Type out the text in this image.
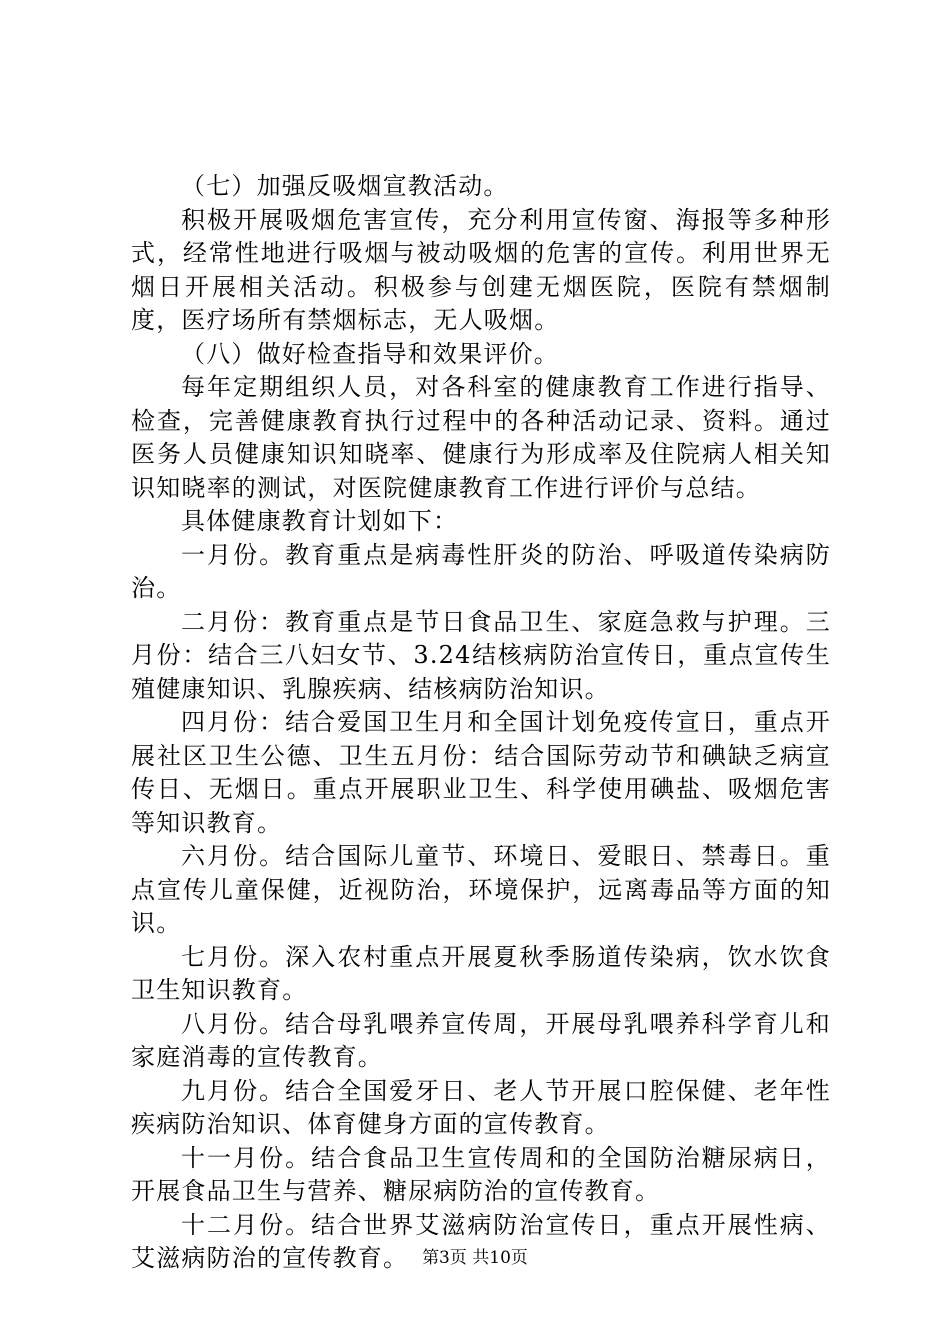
（七）加强反吸烟宣教活动。

积极开展吸烟危害宣传，充分利用宣传窗、海报等多种形式，经常性地进行吸烟与被动吸烟的危害的宣传。利用世界无烟日开展相关活动。积极参与创建无烟医院，医院有禁烟制度，医疗场所有禁烟标志，无人吸烟。

（八）做好检查指导和效果评价。

每年定期组织人员，对各科室的健康教育工作进行指导、检查，完善健康教育执行过程中的各种活动记录、资料。通过医务人员健康知识知晓率、健康行为形成率及住院病人相关知识知晓率的测试，对医院健康教育工作进行评价与总结。

具体健康教育计划如下：

一月份。教育重点是病毒性肝炎的防治、呼吸道传染病防治。

二月份：教育重点是节日食品卫生、家庭急救与护理。三月份：结合三八妇女节、3.24结核病防治宣传日，重点宣传生殖健康知识、乳腺疾病、结核病防治知识。

四月份：结合爱国卫生月和全国计划免疫传宣日，重点开展社区卫生公德、卫生五月份：结合国际劳动节和碘缺乏病宣传日、无烟日。重点开展职业卫生、科学使用碘盐、吸烟危害等知识教育。

六月份。结合国际儿童节、环境日、爱眼日、禁毒日。重点宣传儿童保健，近视防治，环境保护，远离毒品等方面的知识。

七月份。深入农村重点开展夏秋季肠道传染病，饮水饮食卫生知识教育。

八月份。结合母乳喂养宣传周，开展母乳喂养科学育儿和家庭消毒的宣传教育。

九月份。结合全国爱牙日、老人节开展口腔保健、老年性疾病防治知识、体育健身方面的宣传教育。

十一月份。结合食品卫生宣传周和的全国防治糖尿病日，开展食品卫生与营养、糖尿病防治的宣传教育。

十二月份。结合世界艾滋病防治宣传日，重点开展性病、艾滋病防治的宣传教育。 第3页 共10页
